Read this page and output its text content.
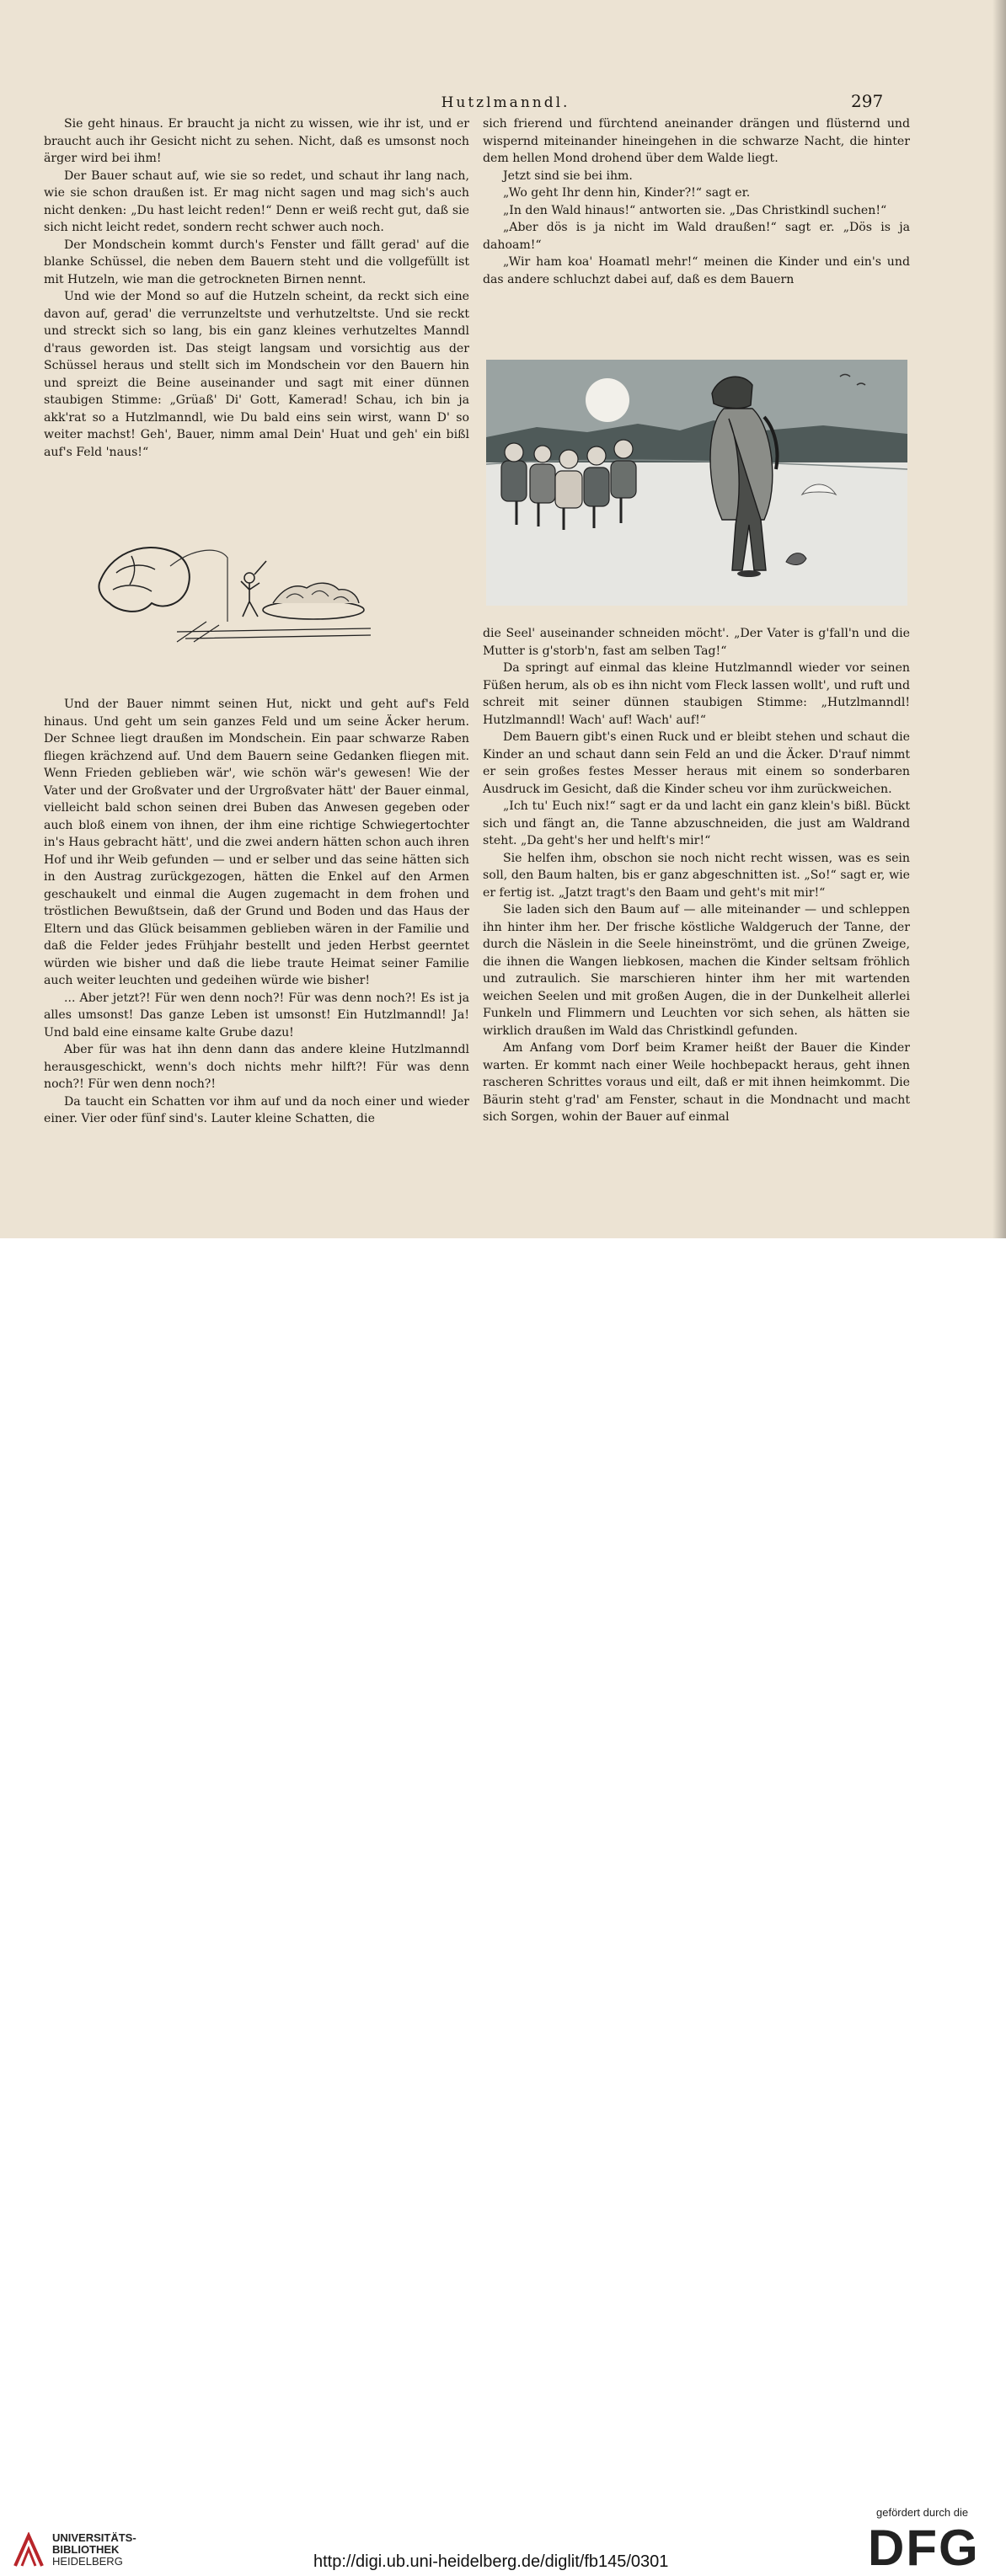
Hutzlmanndl.	297

Sie geht hinaus. Er braucht ja nicht zu wissen, wie ihr ist, und er braucht auch ihr Gesicht nicht zu sehen. Nicht, daß es umsonst noch ärger wird bei ihm!

Der Bauer schaut auf, wie sie so redet, und schaut ihr lang nach, wie sie schon draußen ist. Er mag nicht sagen und mag sich's auch nicht denken: „Du hast leicht reden!“ Denn er weiß recht gut, daß sie sich nicht leicht redet, sondern recht schwer auch noch.

Der Mondschein kommt durch's Fenster und fällt gerad' auf die blanke Schüssel, die neben dem Bauern steht und die vollgefüllt ist mit Hutzeln, wie man die getrockneten Birnen nennt.

Und wie der Mond so auf die Hutzeln scheint, da reckt sich eine davon auf, gerad' die verrunzeltste und verhutzeltste. Und sie reckt und streckt sich so lang, bis ein ganz kleines verhutzeltes Manndl d'raus geworden ist. Das steigt langsam und vorsichtig aus der Schüssel heraus und stellt sich im Mondschein vor den Bauern hin und spreizt die Beine auseinander und sagt mit einer dünnen staubigen Stimme: „Grüaß' Di' Gott, Kamerad! Schau, ich bin ja akk'rat so a Hutzlmanndl, wie Du bald eins sein wirst, wann D' so weiter machst! Geh', Bauer, nimm amal Dein' Huat und geh' ein bißl auf's Feld 'naus!“

Und der Bauer nimmt seinen Hut, nickt und geht auf's Feld hinaus. Und geht um sein ganzes Feld und um seine Äcker herum. Der Schnee liegt draußen im Mondschein. Ein paar schwarze Raben fliegen krächzend auf. Und dem Bauern seine Gedanken fliegen mit. Wenn Frieden geblieben wär', wie schön wär's gewesen! Wie der Vater und der Großvater und der Urgroßvater hätt' der Bauer einmal, vielleicht bald schon seinen drei Buben das Anwesen gegeben oder auch bloß einem von ihnen, der ihm eine richtige Schwiegertochter in's Haus gebracht hätt', und die zwei andern hätten schon auch ihren Hof und ihr Weib gefunden — und er selber und das seine hätten sich in den Austrag zurückgezogen, hätten die Enkel auf den Armen geschaukelt und einmal die Augen zugemacht in dem frohen und tröstlichen Bewußtsein, daß der Grund und Boden und das Haus der Eltern und das Glück beisammen geblieben wären in der Familie und daß die Felder jedes Frühjahr bestellt und jeden Herbst geerntet würden wie bisher und daß die liebe traute Heimat seiner Familie auch weiter leuchten und gedeihen würde wie bisher!

... Aber jetzt?! Für wen denn noch?! Für was denn noch?! Es ist ja alles umsonst! Das ganze Leben ist umsonst! Ein Hutzlmanndl! Ja! Und bald eine einsame kalte Grube dazu!

Aber für was hat ihn denn dann das andere kleine Hutzlmanndl herausgeschickt, wenn's doch nichts mehr hilft?! Für was denn noch?! Für wen denn noch?!

Da taucht ein Schatten vor ihm auf und da noch einer und wieder einer. Vier oder fünf sind's. Lauter kleine Schatten, die

sich frierend und fürchtend aneinander drängen und flüsternd und wispernd miteinander hineingehen in die schwarze Nacht, die hinter dem hellen Mond drohend über dem Walde liegt.

Jetzt sind sie bei ihm.

„Wo geht Ihr denn hin, Kinder?!“ sagt er.

„In den Wald hinaus!“ antworten sie. „Das Christkindl suchen!“

„Aber dös is ja nicht im Wald draußen!“ sagt er. „Dös is ja dahoam!“

„Wir ham koa' Hoamatl mehr!“ meinen die Kinder und ein's und das andere schluchzt dabei auf, daß es dem Bauern

die Seel' auseinander schneiden möcht'. „Der Vater is g'fall'n und die Mutter is g'storb'n, fast am selben Tag!“

Da springt auf einmal das kleine Hutzlmanndl wieder vor seinen Füßen herum, als ob es ihn nicht vom Fleck lassen wollt', und ruft und schreit mit seiner dünnen staubigen Stimme: „Hutzlmanndl! Hutzlmanndl! Wach' auf! Wach' auf!“

Dem Bauern gibt's einen Ruck und er bleibt stehen und schaut die Kinder an und schaut dann sein Feld an und die Äcker. D'rauf nimmt er sein großes festes Messer heraus mit einem so sonderbaren Ausdruck im Gesicht, daß die Kinder scheu vor ihm zurückweichen.

„Ich tu' Euch nix!“ sagt er da und lacht ein ganz klein's bißl. Bückt sich und fängt an, die Tanne abzuschneiden, die just am Waldrand steht. „Da geht's her und helft's mir!“

Sie helfen ihm, obschon sie noch nicht recht wissen, was es sein soll, den Baum halten, bis er ganz abgeschnitten ist. „So!“ sagt er, wie er fertig ist. „Jatzt tragt's den Baam und geht's mit mir!“

Sie laden sich den Baum auf — alle miteinander — und schleppen ihn hinter ihm her. Der frische köstliche Waldgeruch der Tanne, der durch die Näslein in die Seele hineinströmt, und die grünen Zweige, die ihnen die Wangen liebkosen, machen die Kinder seltsam fröhlich und zutraulich. Sie marschieren hinter ihm her mit wartenden weichen Seelen und mit großen Augen, die in der Dunkelheit allerlei Funkeln und Flimmern und Leuchten vor sich sehen, als hätten sie wirklich draußen im Wald das Christkindl gefunden.

Am Anfang vom Dorf beim Kramer heißt der Bauer die Kinder warten. Er kommt nach einer Weile hochbepackt heraus, geht ihnen rascheren Schrittes voraus und eilt, daß er mit ihnen heimkommt. Die Bäurin steht g'rad' am Fenster, schaut in die Mondnacht und macht sich Sorgen, wohin der Bauer auf einmal

UNIVERSITÄTS-
BIBLIOTHEK
HEIDELBERG	http://digi.ub.uni-heidelberg.de/diglit/fb145/0301
gefördert durch die
DFG
